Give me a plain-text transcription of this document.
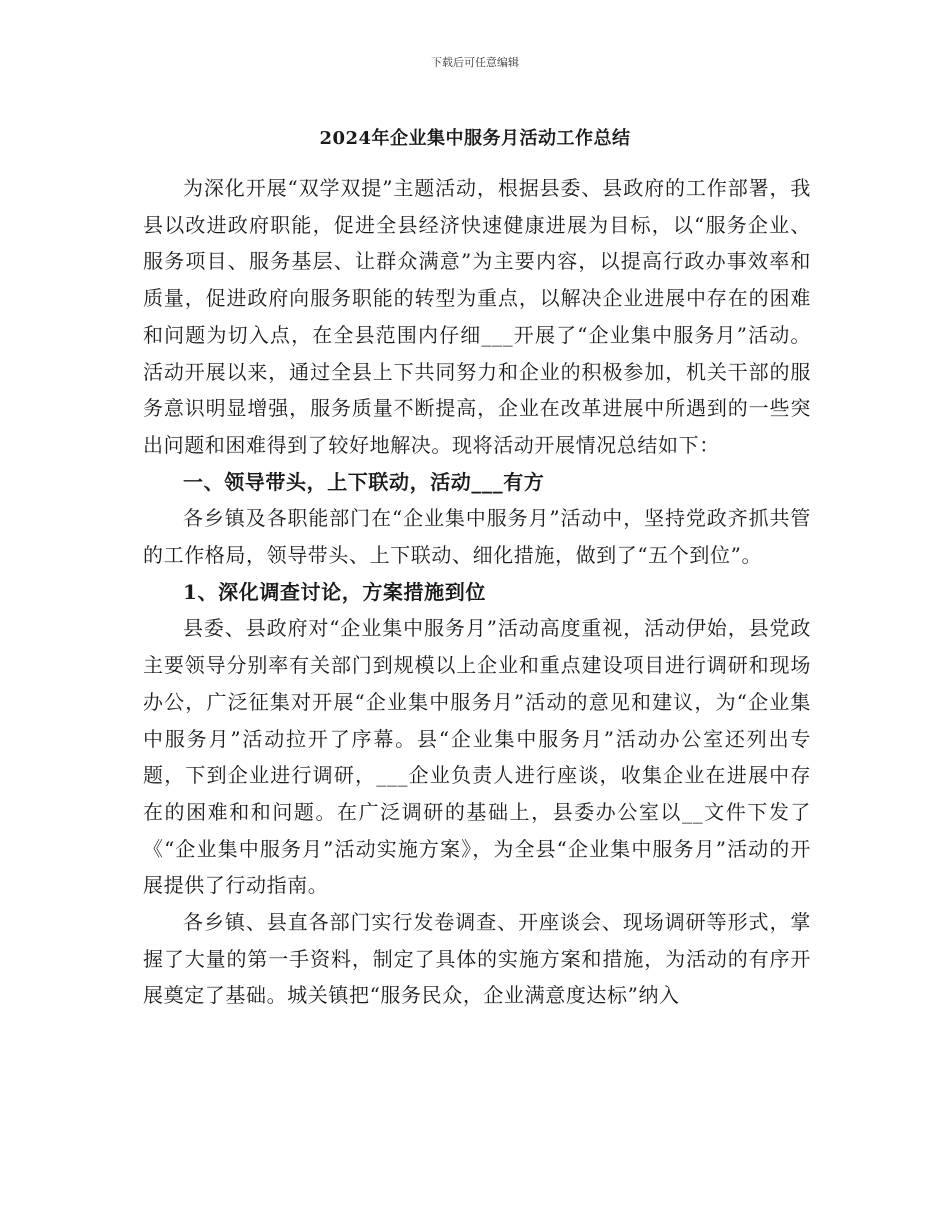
下载后可任意编辑
2024年企业集中服务月活动工作总结

为深化开展“双学双提”主题活动，根据县委、县政府的工作部署，我县以改进政府职能，促进全县经济快速健康进展为目标，以“服务企业、服务项目、服务基层、让群众满意”为主要内容，以提高行政办事效率和质量，促进政府向服务职能的转型为重点，以解决企业进展中存在的困难和问题为切入点，在全县范围内仔细___开展了“企业集中服务月”活动。活动开展以来，通过全县上下共同努力和企业的积极参加，机关干部的服务意识明显增强，服务质量不断提高，企业在改革进展中所遇到的一些突出问题和困难得到了较好地解决。现将活动开展情况总结如下：

一、领导带头，上下联动，活动___有方

各乡镇及各职能部门在“企业集中服务月”活动中，坚持党政齐抓共管的工作格局，领导带头、上下联动、细化措施，做到了“五个到位”。

1、深化调查讨论，方案措施到位

县委、县政府对“企业集中服务月”活动高度重视，活动伊始，县党政主要领导分别率有关部门到规模以上企业和重点建设项目进行调研和现场办公，广泛征集对开展“企业集中服务月”活动的意见和建议，为“企业集中服务月”活动拉开了序幕。县“企业集中服务月”活动办公室还列出专题，下到企业进行调研，___企业负责人进行座谈，收集企业在进展中存在的困难和和问题。在广泛调研的基础上，县委办公室以__文件下发了《“企业集中服务月”活动实施方案》，为全县“企业集中服务月”活动的开展提供了行动指南。

各乡镇、县直各部门实行发卷调查、开座谈会、现场调研等形式，掌握了大量的第一手资料，制定了具体的实施方案和措施，为活动的有序开展奠定了基础。城关镇把“服务民众，企业满意度达标”纳入
